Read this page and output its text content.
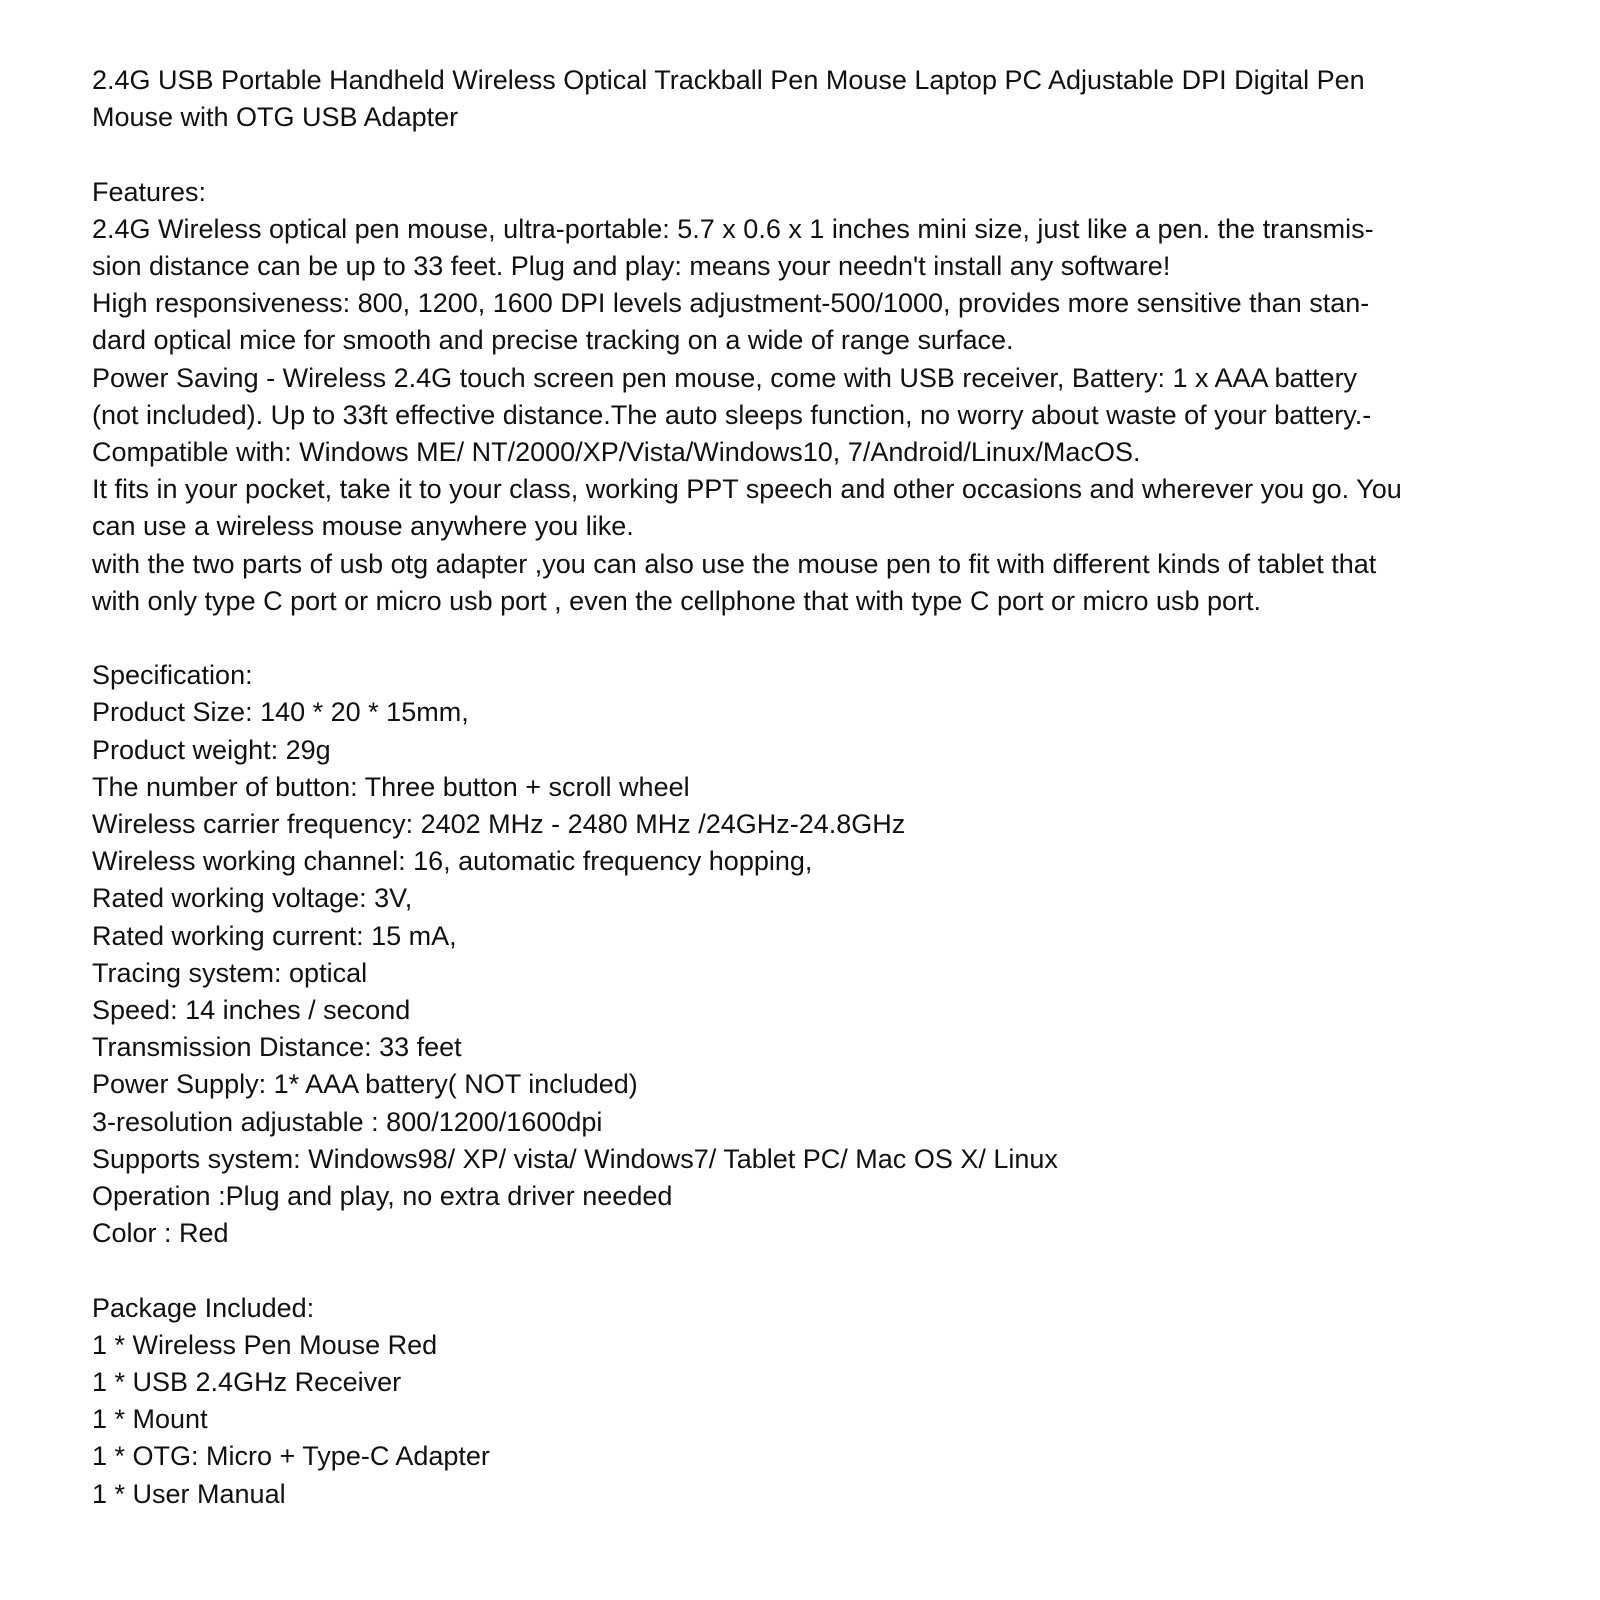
2.4G USB Portable Handheld Wireless Optical Trackball Pen Mouse Laptop PC Adjustable DPI Digital Pen
Mouse with OTG USB Adapter
Features:
2.4G Wireless optical pen mouse, ultra-portable: 5.7 x 0.6 x 1 inches mini size, just like a pen. the transmis-
sion distance can be up to 33 feet. Plug and play: means your needn't install any software!
High responsiveness: 800, 1200, 1600 DPI levels adjustment-500/1000, provides more sensitive than stan-
dard optical mice for smooth and precise tracking on a wide of range surface.
Power Saving - Wireless 2.4G touch screen pen mouse, come with USB receiver, Battery: 1 x AAA battery
(not included). Up to 33ft effective distance.The auto sleeps function, no worry about waste of your battery.-
Compatible with: Windows ME/ NT/2000/XP/Vista/Windows10, 7/Android/Linux/MacOS.
It fits in your pocket, take it to your class, working PPT speech and other occasions and wherever you go. You
can use a wireless mouse anywhere you like.
with the two parts of usb otg adapter ,you can also use the mouse pen to fit with different kinds of tablet that
with only type C port or micro usb port , even the cellphone that with type C port or micro usb port.
Specification:
Product Size: 140 * 20 * 15mm,
Product weight: 29g
The number of button: Three button + scroll wheel
Wireless carrier frequency: 2402 MHz - 2480 MHz /24GHz-24.8GHz
Wireless working channel: 16, automatic frequency hopping,
Rated working voltage: 3V,
Rated working current: 15 mA,
Tracing system: optical
Speed: 14 inches / second
Transmission Distance: 33 feet
Power Supply: 1* AAA battery( NOT included)
3-resolution adjustable : 800/1200/1600dpi
Supports system: Windows98/ XP/ vista/ Windows7/ Tablet PC/ Mac OS X/ Linux
Operation :Plug and play, no extra driver needed
Color : Red
Package Included:
1 * Wireless Pen Mouse Red
1 * USB 2.4GHz Receiver
1 * Mount
1 * OTG: Micro + Type-C Adapter
1 * User Manual
